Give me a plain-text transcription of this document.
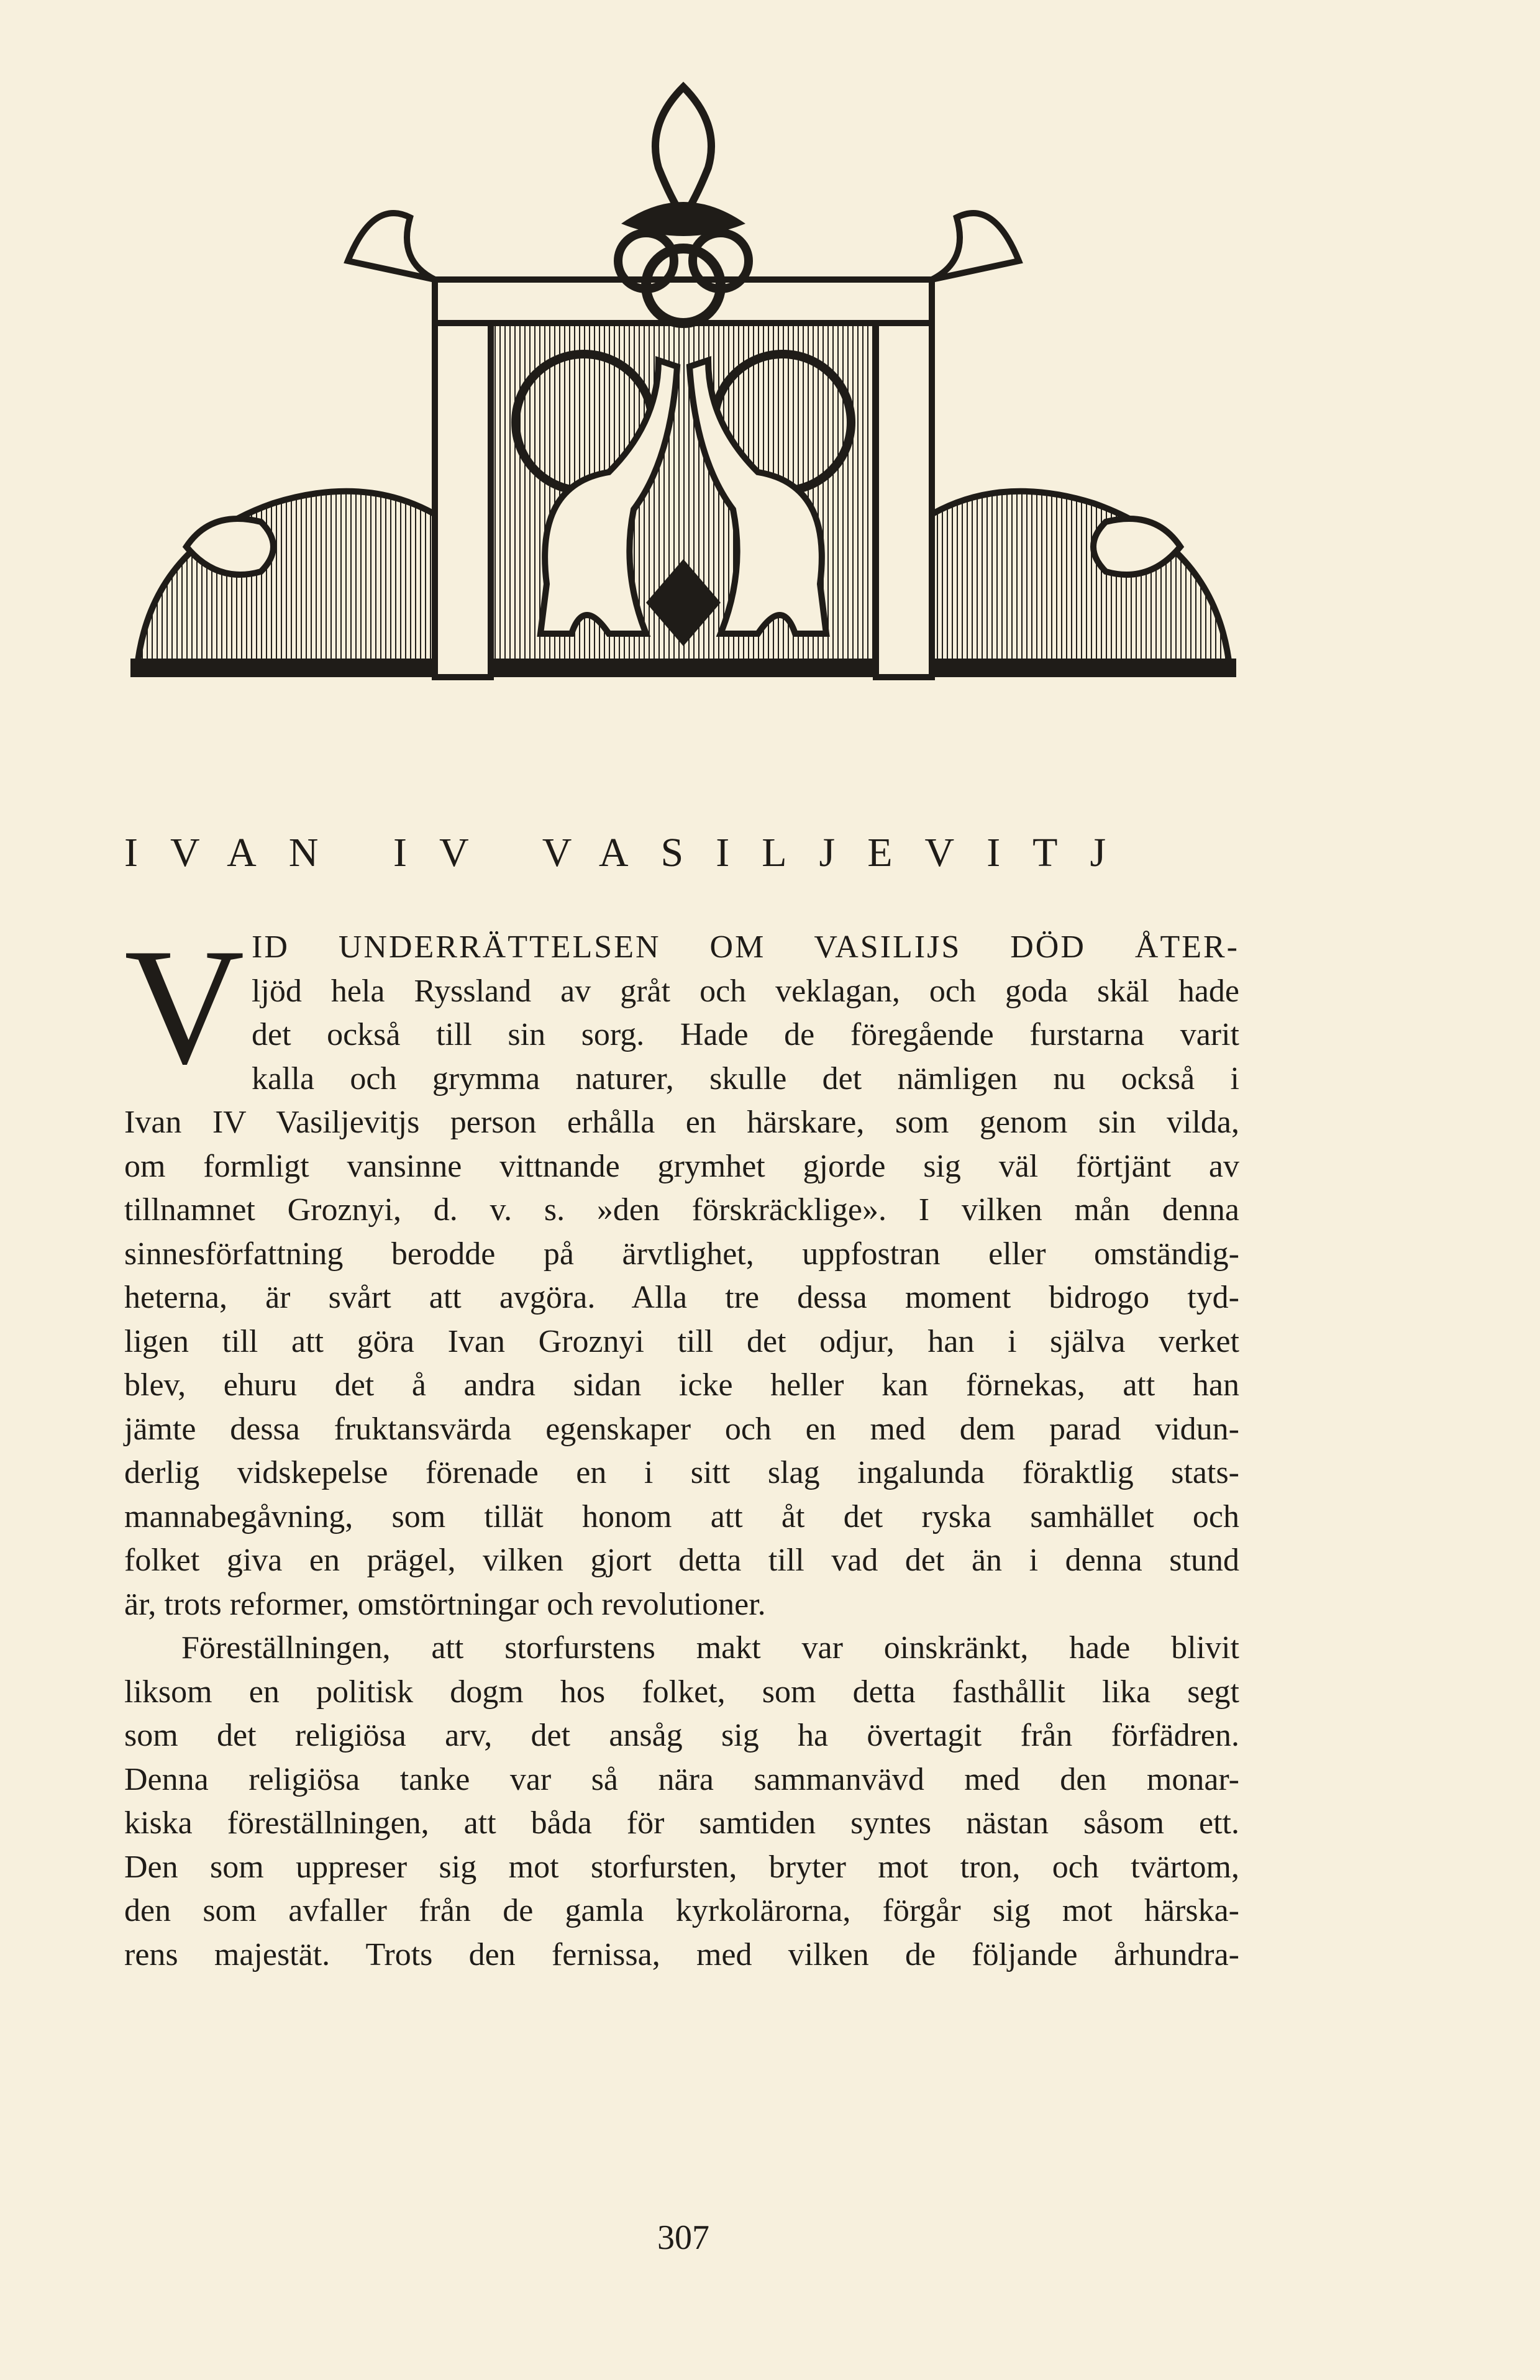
IVAN IV VASILJEVITJ
V ID UNDERRÄTTELSEN OM VASILIJS DÖD ÅTER-
ljöd hela Ryssland av gråt och veklagan, och goda skäl hade
det också till sin sorg. Hade de föregående furstarna varit
kalla och grymma naturer, skulle det nämligen nu också i
Ivan IV Vasiljevitjs person erhålla en härskare, som genom sin vilda,
om formligt vansinne vittnande grymhet gjorde sig väl förtjänt av
tillnamnet Groznyi, d. v. s. »den förskräcklige». I vilken mån denna
sinnesförfattning berodde på ärvtlighet, uppfostran eller omständig-
heterna, är svårt att avgöra. Alla tre dessa moment bidrogo tyd-
ligen till att göra Ivan Groznyi till det odjur, han i själva verket
blev, ehuru det å andra sidan icke heller kan förnekas, att han
jämte dessa fruktansvärda egenskaper och en med dem parad vidun-
derlig vidskepelse förenade en i sitt slag ingalunda föraktlig stats-
mannabegåvning, som tillät honom att åt det ryska samhället och
folket giva en prägel, vilken gjort detta till vad det än i denna stund
är, trots reformer, omstörtningar och revolutioner.
Föreställningen, att storfurstens makt var oinskränkt, hade blivit
liksom en politisk dogm hos folket, som detta fasthållit lika segt
som det religiösa arv, det ansåg sig ha övertagit från förfädren.
Denna religiösa tanke var så nära sammanvävd med den monar-
kiska föreställningen, att båda för samtiden syntes nästan såsom ett.
Den som uppreser sig mot storfursten, bryter mot tron, och tvärtom,
den som avfaller från de gamla kyrkolärorna, förgår sig mot härska-
rens majestät. Trots den fernissa, med vilken de följande århundra-
307
